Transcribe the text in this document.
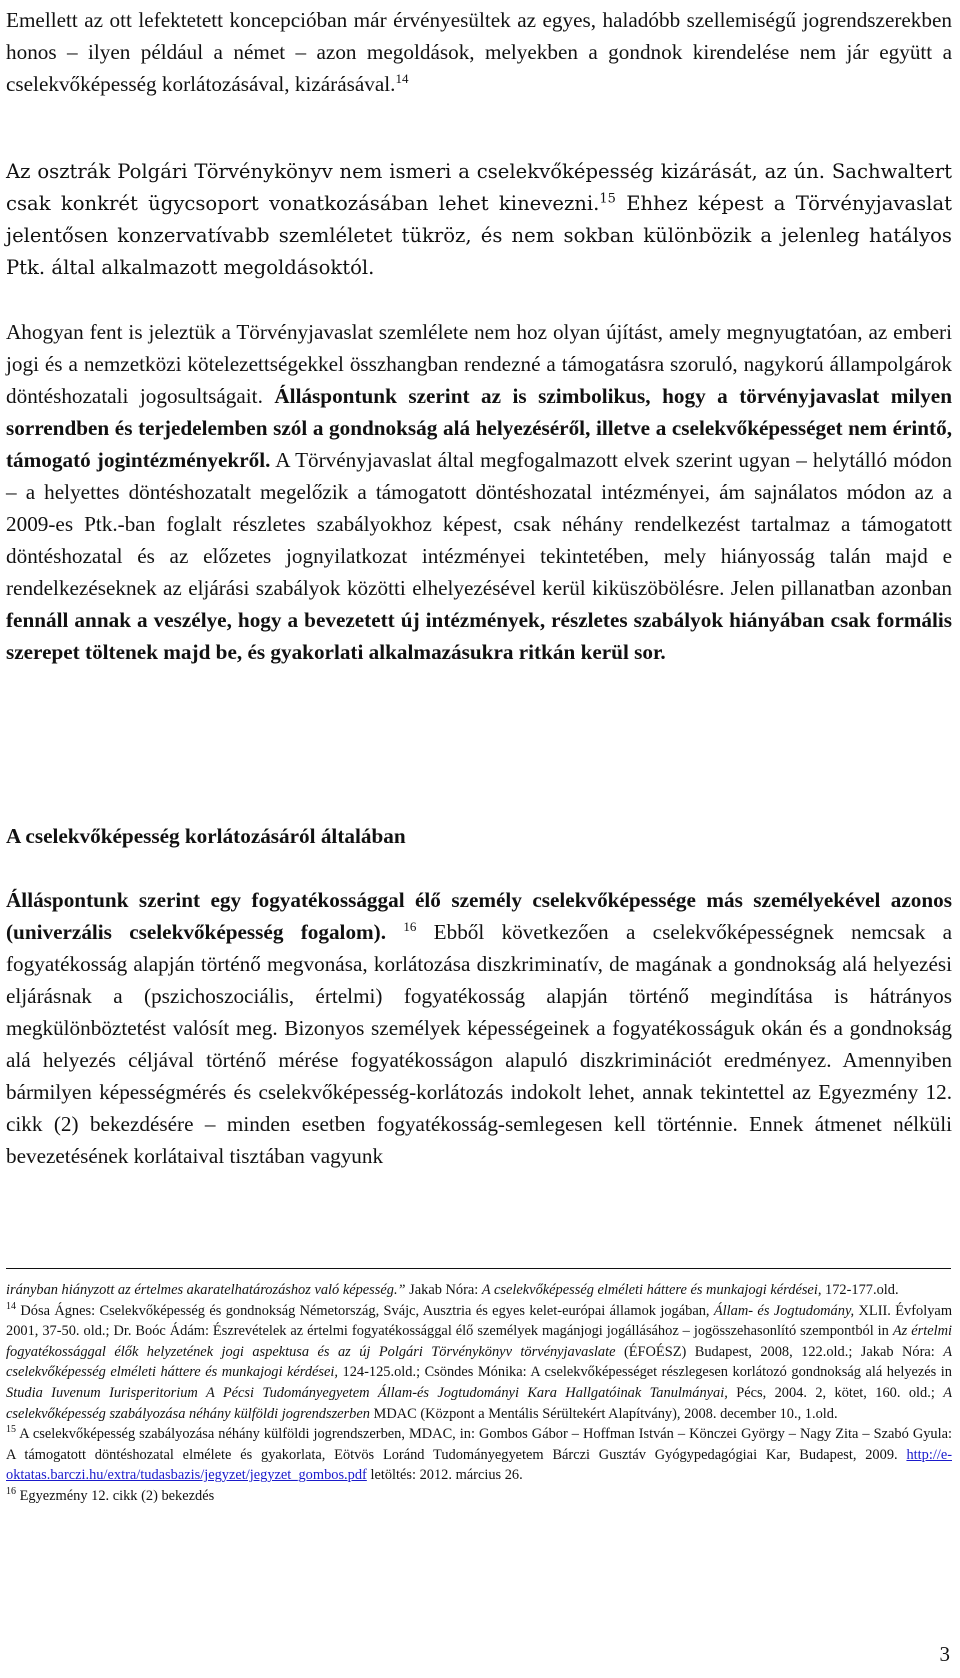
Emellett az ott lefektetett koncepcióban már érvényesültek az egyes, haladóbb szellemiségű jogrendszerekben honos – ilyen például a német – azon megoldások, melyekben a gondnok kirendelése nem jár együtt a cselekvőképesség korlátozásával, kizárásával.$^{14}$

Az osztrák Polgári Törvénykönyv nem ismeri a cselekvőképesség kizárását, az ún. Sachwaltert csak konkrét ügycsoport vonatkozásában lehet kinevezni.$^{15}$ Ehhez képest a Törvényjavaslat jelentősen konzervatívabb szemléletet tükröz, és nem sokban különbözik a jelenleg hatályos Ptk. által alkalmazott megoldásoktól.

Ahogyan fent is jeleztük a Törvényjavaslat szemlélete nem hoz olyan újítást, amely megnyugtatóan, az emberi jogi és a nemzetközi kötelezettségekkel összhangban rendezné a támogatásra szoruló, nagykorú állampolgárok döntéshozatali jogosultságait. Álláspontunk szerint az is szimbolikus, hogy a törvényjavaslat milyen sorrendben és terjedelemben szól a gondnokság alá helyezéséről, illetve a cselekvőképességet nem érintő, támogató jogintézményekről. A Törvényjavaslat által megfogalmazott elvek szerint ugyan – helytálló módon – a helyettes döntéshozatalt megelőzik a támogatott döntéshozatal intézményei, ám sajnálatos módon az a 2009-es Ptk.-ban foglalt részletes szabályokhoz képest, csak néhány rendelkezést tartalmaz a támogatott döntéshozatal és az előzetes jognyilatkozat intézményei tekintetében, mely hiányosság talán majd e rendelkezéseknek az eljárási szabályok közötti elhelyezésével kerül kiküszöbölésre. Jelen pillanatban azonban fennáll annak a veszélye, hogy a bevezetett új intézmények, részletes szabályok hiányában csak formális szerepet töltenek majd be, és gyakorlati alkalmazásukra ritkán kerül sor.

A cselekvőképesség korlátozásáról általában

Álláspontunk szerint egy fogyatékossággal élő személy cselekvőképessége más személyekével azonos (univerzális cselekvőképesség fogalom). $^{16}$ Ebből következően a cselekvőképességnek nemcsak a fogyatékosság alapján történő megvonása, korlátozása diszkriminatív, de magának a gondnokság alá helyezési eljárásnak a (pszichoszociális, értelmi) fogyatékosság alapján történő megindítása is hátrányos megkülönböztetést valósít meg. Bizonyos személyek képességeinek a fogyatékosságuk okán és a gondnokság alá helyezés céljával történő mérése fogyatékosságon alapuló diszkriminációt eredményez. Amennyiben bármilyen képességmérés és cselekvőképesség-korlátozás indokolt lehet, annak tekintettel az Egyezmény 12. cikk (2) bekezdésére – minden esetben fogyatékosság-semlegesen kell történnie. Ennek átmenet nélküli bevezetésének korlátaival tisztában vagyunk

irányban hiányzott az értelmes akaratelhatározáshoz való képesség.” Jakab Nóra: A cselekvőképesség elméleti háttere és munkajogi kérdései, 172-177.old.

$^{14}$ Dósa Ágnes: Cselekvőképesség és gondnokság Németország, Svájc, Ausztria és egyes kelet-európai államok jogában, Állam- és Jogtudomány, XLII. Évfolyam 2001, 37-50. old.; Dr. Boóc Ádám: Észrevételek az értelmi fogyatékossággal élő személyek magánjogi jogállásához – jogösszehasonlító szempontból in Az értelmi fogyatékossággal élők helyzetének jogi aspektusa és az új Polgári Törvénykönyv törvényjavaslate (ÉFOÉSZ) Budapest, 2008, 122.old.; Jakab Nóra: A cselekvőképesség elméleti háttere és munkajogi kérdései, 124-125.old.; Csöndes Mónika: A cselekvőképességet részlegesen korlátozó gondnokság alá helyezés in Studia Iuvenum Iurisperitorium A Pécsi Tudományegyetem Állam-és Jogtudományi Kara Hallgatóinak Tanulmányai, Pécs, 2004. 2, kötet, 160. old.; A cselekvőképesség szabályozása néhány külföldi jogrendszerben MDAC (Központ a Mentális Sérültekért Alapítvány), 2008. december 10., 1.old.

$^{15}$ A cselekvőképesség szabályozása néhány külföldi jogrendszerben, MDAC, in: Gombos Gábor – Hoffman István – Könczei György – Nagy Zita – Szabó Gyula: A támogatott döntéshozatal elmélete és gyakorlata, Eötvös Loránd Tudományegyetem Bárczi Gusztáv Gyógypedagógiai Kar, Budapest, 2009. http://e-oktatas.barczi.hu/extra/tudasbazis/jegyzet/jegyzet_gombos.pdf letöltés: 2012. március 26.

$^{16}$ Egyezmény 12. cikk (2) bekezdés

3
